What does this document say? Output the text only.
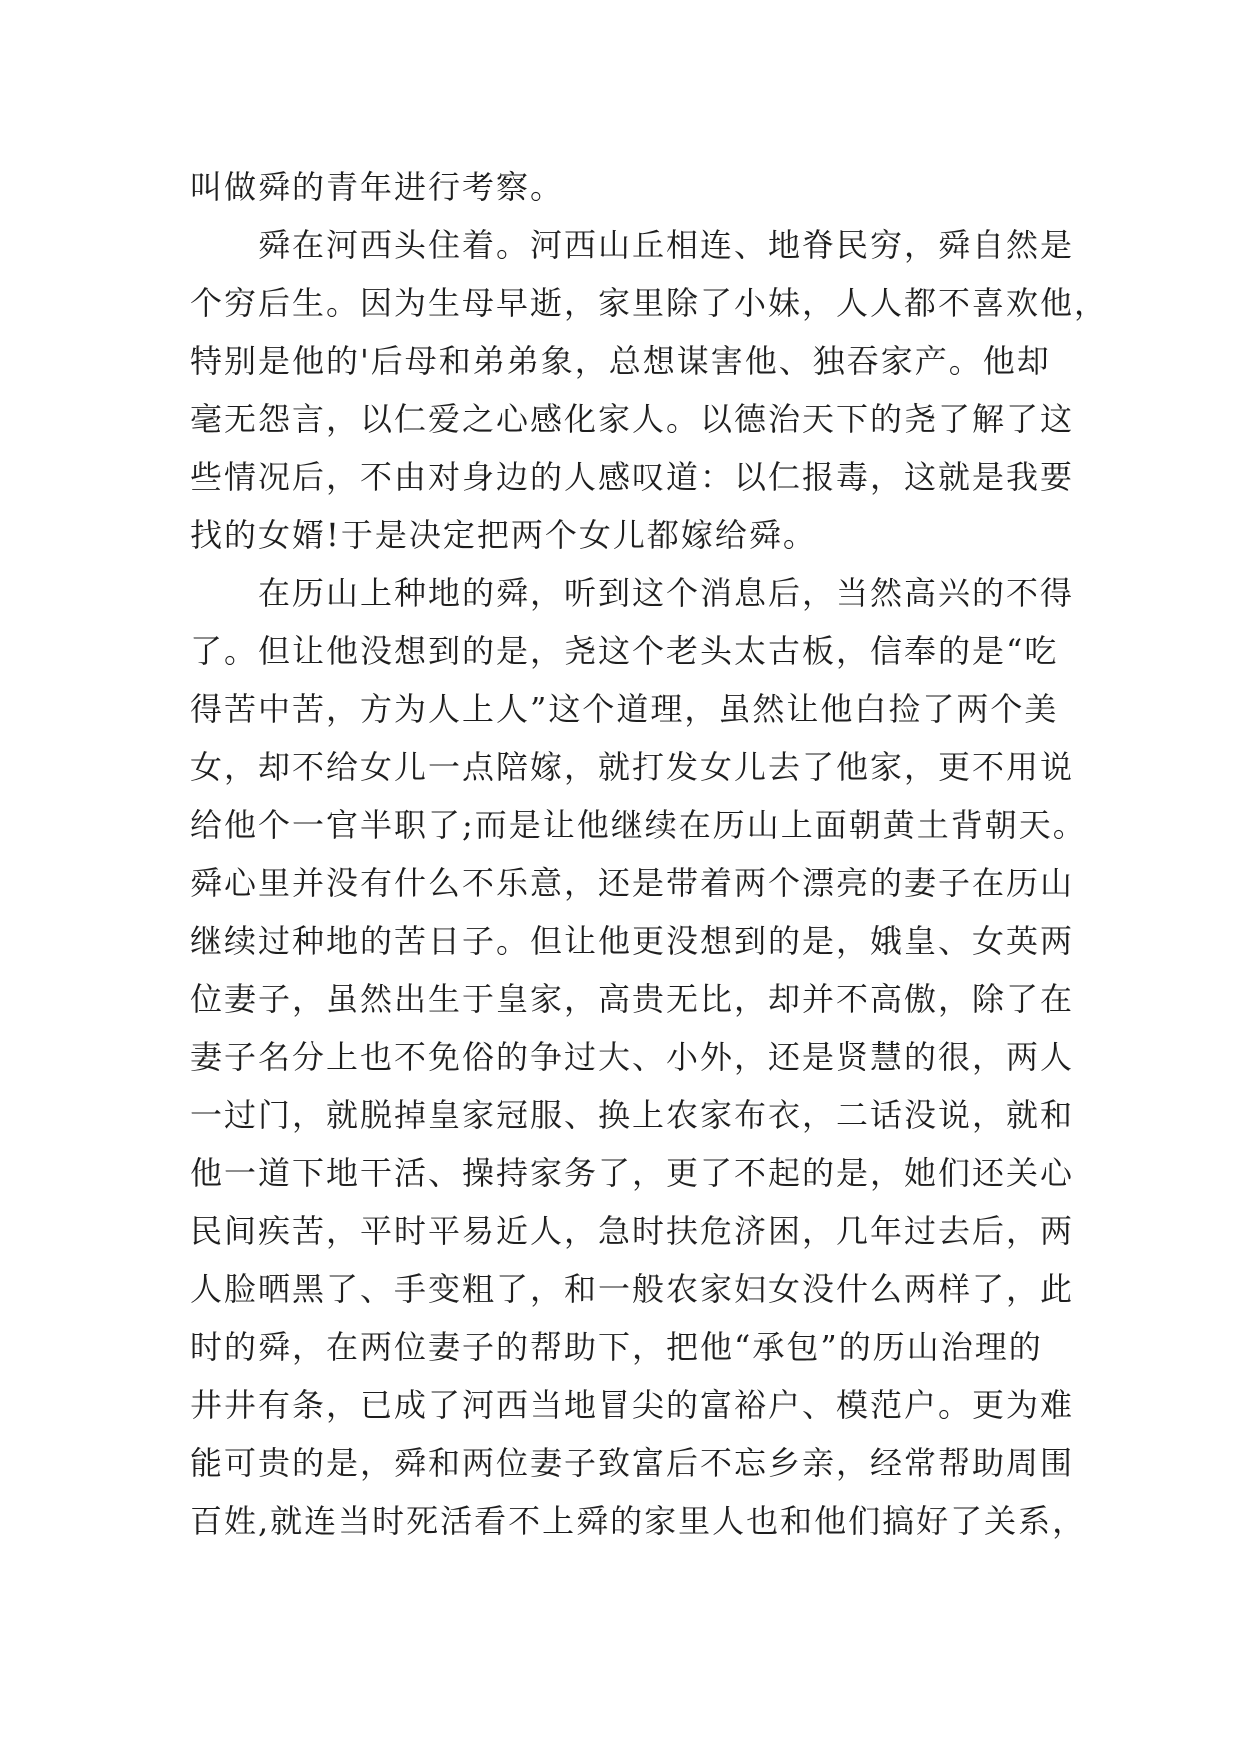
叫做舜的青年进行考察。
舜在河西头住着。河西山丘相连、地脊民穷，舜自然是
个穷后生。因为生母早逝，家里除了小妹，人人都不喜欢他，
特别是他的'后母和弟弟象，总想谋害他、独吞家产。他却
毫无怨言，以仁爱之心感化家人。以德治天下的尧了解了这
些情况后，不由对身边的人感叹道：以仁报毒，这就是我要
找的女婿!于是决定把两个女儿都嫁给舜。
在历山上种地的舜，听到这个消息后，当然高兴的不得
了。但让他没想到的是，尧这个老头太古板，信奉的是“吃
得苦中苦，方为人上人”这个道理，虽然让他白捡了两个美
女，却不给女儿一点陪嫁，就打发女儿去了他家，更不用说
给他个一官半职了;而是让他继续在历山上面朝黄土背朝天。
舜心里并没有什么不乐意，还是带着两个漂亮的妻子在历山
继续过种地的苦日子。但让他更没想到的是，娥皇、女英两
位妻子，虽然出生于皇家，高贵无比，却并不高傲，除了在
妻子名分上也不免俗的争过大、小外，还是贤慧的很，两人
一过门，就脱掉皇家冠服、换上农家布衣，二话没说，就和
他一道下地干活、操持家务了，更了不起的是，她们还关心
民间疾苦，平时平易近人，急时扶危济困，几年过去后，两
人脸晒黑了、手变粗了，和一般农家妇女没什么两样了，此
时的舜，在两位妻子的帮助下，把他“承包”的历山治理的
井井有条，已成了河西当地冒尖的富裕户、模范户。更为难
能可贵的是，舜和两位妻子致富后不忘乡亲，经常帮助周围
百姓,就连当时死活看不上舜的家里人也和他们搞好了关系，
